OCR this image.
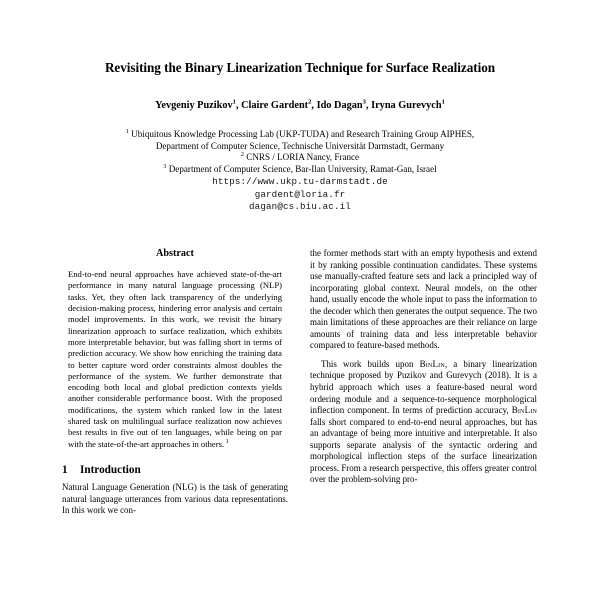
Revisiting the Binary Linearization Technique for Surface Realization

Yevgeniy Puzikov$^1$, Claire Gardent$^2$, Ido Dagan$^3$, Iryna Gurevych$^1$

$^1$ Ubiquitous Knowledge Processing Lab (UKP-TUDA) and Research Training Group AIPHES,
Department of Computer Science, Technische Universität Darmstadt, Germany
$^2$ CNRS / LORIA Nancy, France
$^3$ Department of Computer Science, Bar-Ilan University, Ramat-Gan, Israel
https://www.ukp.tu-darmstadt.de
gardent@loria.fr
dagan@cs.biu.ac.il
Abstract

End-to-end neural approaches have achieved state-of-the-art performance in many natural language processing (NLP) tasks. Yet, they often lack transparency of the underlying decision-making process, hindering error analysis and certain model improvements. In this work, we revisit the binary linearization approach to surface realization, which exhibits more interpretable behavior, but was falling short in terms of prediction accuracy. We show how enriching the training data to better capture word order constraints almost doubles the performance of the system. We further demonstrate that encoding both local and global prediction contexts yields another considerable performance boost. With the proposed modifications, the system which ranked low in the latest shared task on multilingual surface realization now achieves best results in five out of ten languages, while being on par with the state-of-the-art approaches in others. $^1$

1 Introduction

Natural Language Generation (NLG) is the task of generating natural language utterances from various data representations. In this work we con-

the former methods start with an empty hypothesis and extend it by ranking possible continuation candidates. These systems use manually-crafted feature sets and lack a principled way of incorporating global context. Neural models, on the other hand, usually encode the whole input to pass the information to the decoder which then generates the output sequence. The two main limitations of these approaches are their reliance on large amounts of training data and less interpretable behavior compared to feature-based methods.

This work builds upon BinLin, a binary linearization technique proposed by Puzikov and Gurevych (2018). It is a hybrid approach which uses a feature-based neural word ordering module and a sequence-to-sequence morphological inflection component. In terms of prediction accuracy, BinLin falls short compared to end-to-end neural approaches, but has an advantage of being more intuitive and interpretable. It also supports separate analysis of the syntactic ordering and morphological inflection steps of the surface linearization process. From a research perspective, this offers greater control over the problem-solving pro-
